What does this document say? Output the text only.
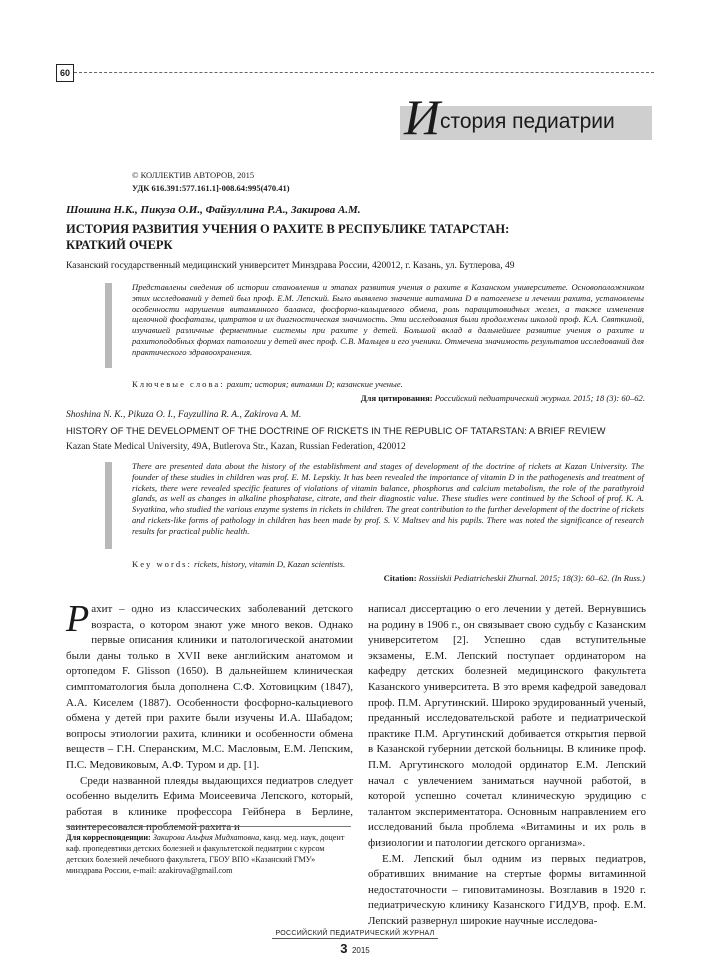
60
И стория педиатрии
© КОЛЛЕКТИВ АВТОРОВ, 2015
УДК 616.391:577.161.1]-008.64:995(470.41)
Шошина Н.К., Пикуза О.И., Файзуллина Р.А., Закирова А.М.
ИСТОРИЯ РАЗВИТИЯ УЧЕНИЯ О РАХИТЕ В РЕСПУБЛИКЕ ТАТАРСТАН:
КРАТКИЙ ОЧЕРК
Казанский государственный медицинский университет Минздрава России, 420012, г. Казань, ул. Бутлерова, 49
Представлены сведения об истории становления и этапах развития учения о рахите в Казанском университете. Основоположником этих исследований у детей был проф. Е.М. Лепский. Было выявлено значение витамина D в патогенезе и лечении рахита, установлены особенности нарушения витаминного баланса, фосфорно-кальциевого обмена, роль паращитовидных желез, а также изменения щелочной фосфатазы, цитратов и их диагностическая значимость. Эти исследования были продолжены школой проф. К.А. Святкиной, изучавшей различные ферментные системы при рахите у детей. Большой вклад в дальнейшее развитие учения о рахите и рахитоподобных формах патологии у детей внес проф. С.В. Мальцев и его ученики. Отмечена значимость результатов исследований для практического здравоохранения.
Ключевые слова: рахит; история; витамин D; казанские ученые.
Для цитирования: Российский педиатрический журнал. 2015; 18 (3): 60–62.
Shoshina N. K., Pikuza O. I., Fayzullina R. A., Zakirova A. M.
HISTORY OF THE DEVELOPMENT OF THE DOCTRINE OF RICKETS IN THE REPUBLIC OF TATARSTAN: A BRIEF REVIEW
Kazan State Medical University, 49A, Butlerova Str., Kazan, Russian Federation, 420012
There are presented data about the history of the establishment and stages of development of the doctrine of rickets at Kazan University. The founder of these studies in children was prof. E. M. Lepskiy. It has been revealed the importance of vitamin D in the pathogenesis and treatment of rickets, there were revealed specific features of violations of vitamin balance, phosphorus and calcium metabolism, the role of the parathyroid glands, as well as changes in alkaline phosphatase, citrate, and their diagnostic value. These studies were continued by the School of prof. K. A. Svyatkina, who studied the various enzyme systems in rickets in children. The great contribution to the further development of the doctrine of rickets and rickets-like forms of pathology in children has been made by prof. S. V. Maltsev and his pupils. There was noted the significance of research results for practical public health.
Key words: rickets, history, vitamin D, Kazan scientists.
Citation: Rossiiskii Pediatricheskii Zhurnal. 2015; 18(3): 60–62. (In Russ.)

Рахит – одно из классических заболеваний детского возраста, о котором знают уже много веков. Однако первые описания клиники и патологической анатомии были даны только в XVII веке английским анатомом и ортопедом F. Glisson (1650). В дальнейшем клиническая симптоматология была дополнена С.Ф. Хотовицким (1847), А.А. Киселем (1887). Особенности фосфорно-кальциевого обмена у детей при рахите были изучены И.А. Шабадом; вопросы этиологии рахита, клиники и особенности обмена веществ – Г.Н. Сперанским, М.С. Масловым, Е.М. Лепским, П.С. Медовиковым, А.Ф. Туром и др. [1].

Среди названной плеяды выдающихся педиатров следует особенно выделить Ефима Моисеевича Лепского, который, работая в клинике профессора Гейбнера в Берлине, заинтересовался проблемой рахита и

написал диссертацию о его лечении у детей. Вернувшись на родину в 1906 г., он связывает свою судьбу с Казанским университетом [2]. Успешно сдав вступительные экзамены, Е.М. Лепский поступает ординатором на кафедру детских болезней медицинского факультета Казанского университета. В это время кафедрой заведовал проф. П.М. Аргутинский. Широко эрудированный ученый, преданный исследовательской работе и педиатрической практике П.М. Аргутинский добивается открытия первой в Казанской губернии детской больницы. В клинике проф. П.М. Аргутинского молодой ординатор Е.М. Лепский начал с увлечением заниматься научной работой, в которой успешно сочетал клиническую эрудицию с талантом экспериментатора. Основным направлением его исследований была проблема «Витамины и их роль в физиологии и патологии детского организма».

Е.М. Лепский был одним из первых педиатров, обративших внимание на стертые формы витаминной недостаточности – гиповитаминозы. Возглавив в 1920 г. педиатрическую клинику Казанского ГИДУВ, проф. Е.М. Лепский развернул широкие научные исследова-

Для корреспонденции: Закирова Альфия Мидхатовна, канд. мед. наук, доцент каф. пропедевтики детских болезней и факультетской педиатрии с курсом детских болезней лечебного факультета, ГБОУ ВПО «Казанский ГМУ» минздрава России, e-mail: azakirova@gmail.com
РОССИЙСКИЙ ПЕДИАТРИЧЕСКИЙ ЖУРНАЛ
3 2015
